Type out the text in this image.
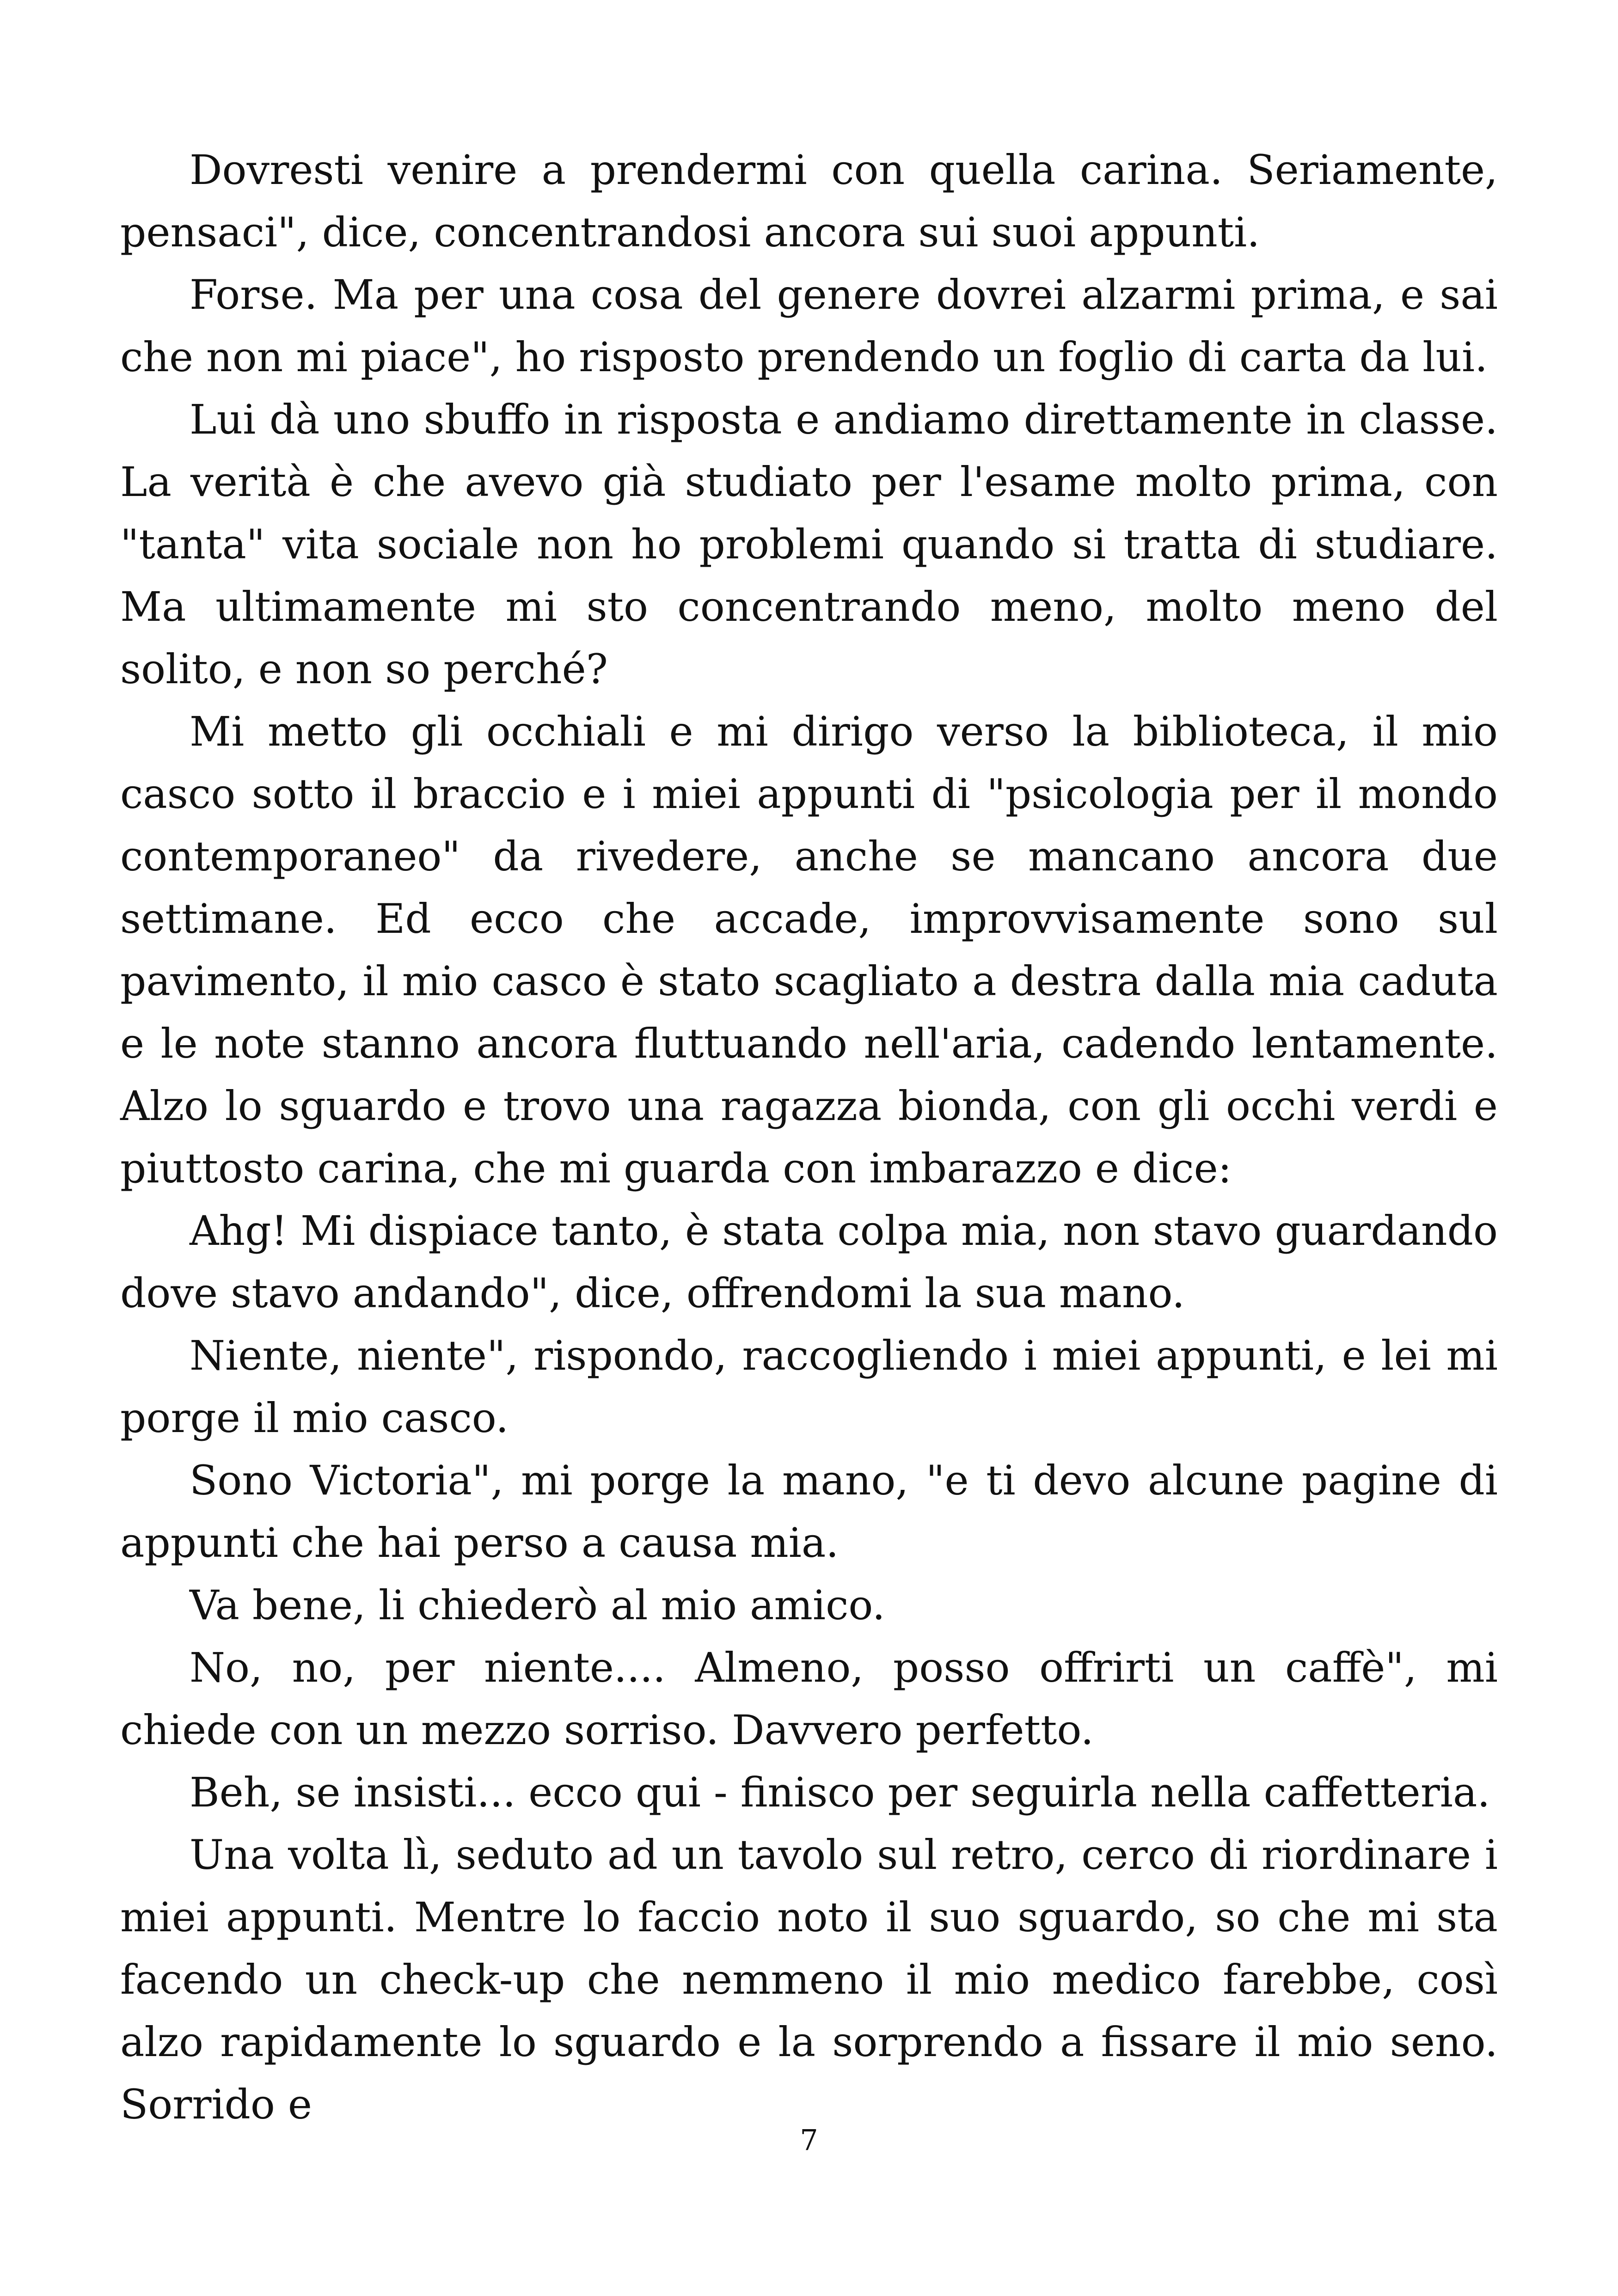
Dovresti venire a prendermi con quella carina. Seriamente, pensaci", dice, concentrandosi ancora sui suoi appunti.

Forse. Ma per una cosa del genere dovrei alzarmi prima, e sai che non mi piace", ho risposto prendendo un foglio di carta da lui.

Lui dà uno sbuffo in risposta e andiamo direttamente in classe. La verità è che avevo già studiato per l'esame molto prima, con "tanta" vita sociale non ho problemi quando si tratta di studiare. Ma ultimamente mi sto concentrando meno, molto meno del solito, e non so perché?

Mi metto gli occhiali e mi dirigo verso la biblioteca, il mio casco sotto il braccio e i miei appunti di "psicologia per il mondo contemporaneo" da rivedere, anche se mancano ancora due settimane. Ed ecco che accade, improvvisamente sono sul pavimento, il mio casco è stato scagliato a destra dalla mia caduta e le note stanno ancora fluttuando nell'aria, cadendo lentamente. Alzo lo sguardo e trovo una ragazza bionda, con gli occhi verdi e piuttosto carina, che mi guarda con imbarazzo e dice:

Ahg! Mi dispiace tanto, è stata colpa mia, non stavo guardando dove stavo andando", dice, offrendomi la sua mano.

Niente, niente", rispondo, raccogliendo i miei appunti, e lei mi porge il mio casco.

Sono Victoria", mi porge la mano, "e ti devo alcune pagine di appunti che hai perso a causa mia.

Va bene, li chiederò al mio amico.

No, no, per niente.... Almeno, posso offrirti un caffè", mi chiede con un mezzo sorriso. Davvero perfetto.

Beh, se insisti... ecco qui - finisco per seguirla nella caffetteria.

Una volta lì, seduto ad un tavolo sul retro, cerco di riordinare i miei appunti. Mentre lo faccio noto il suo sguardo, so che mi sta facendo un check-up che nemmeno il mio medico farebbe, così alzo rapidamente lo sguardo e la sorprendo a fissare il mio seno. Sorrido e

7
